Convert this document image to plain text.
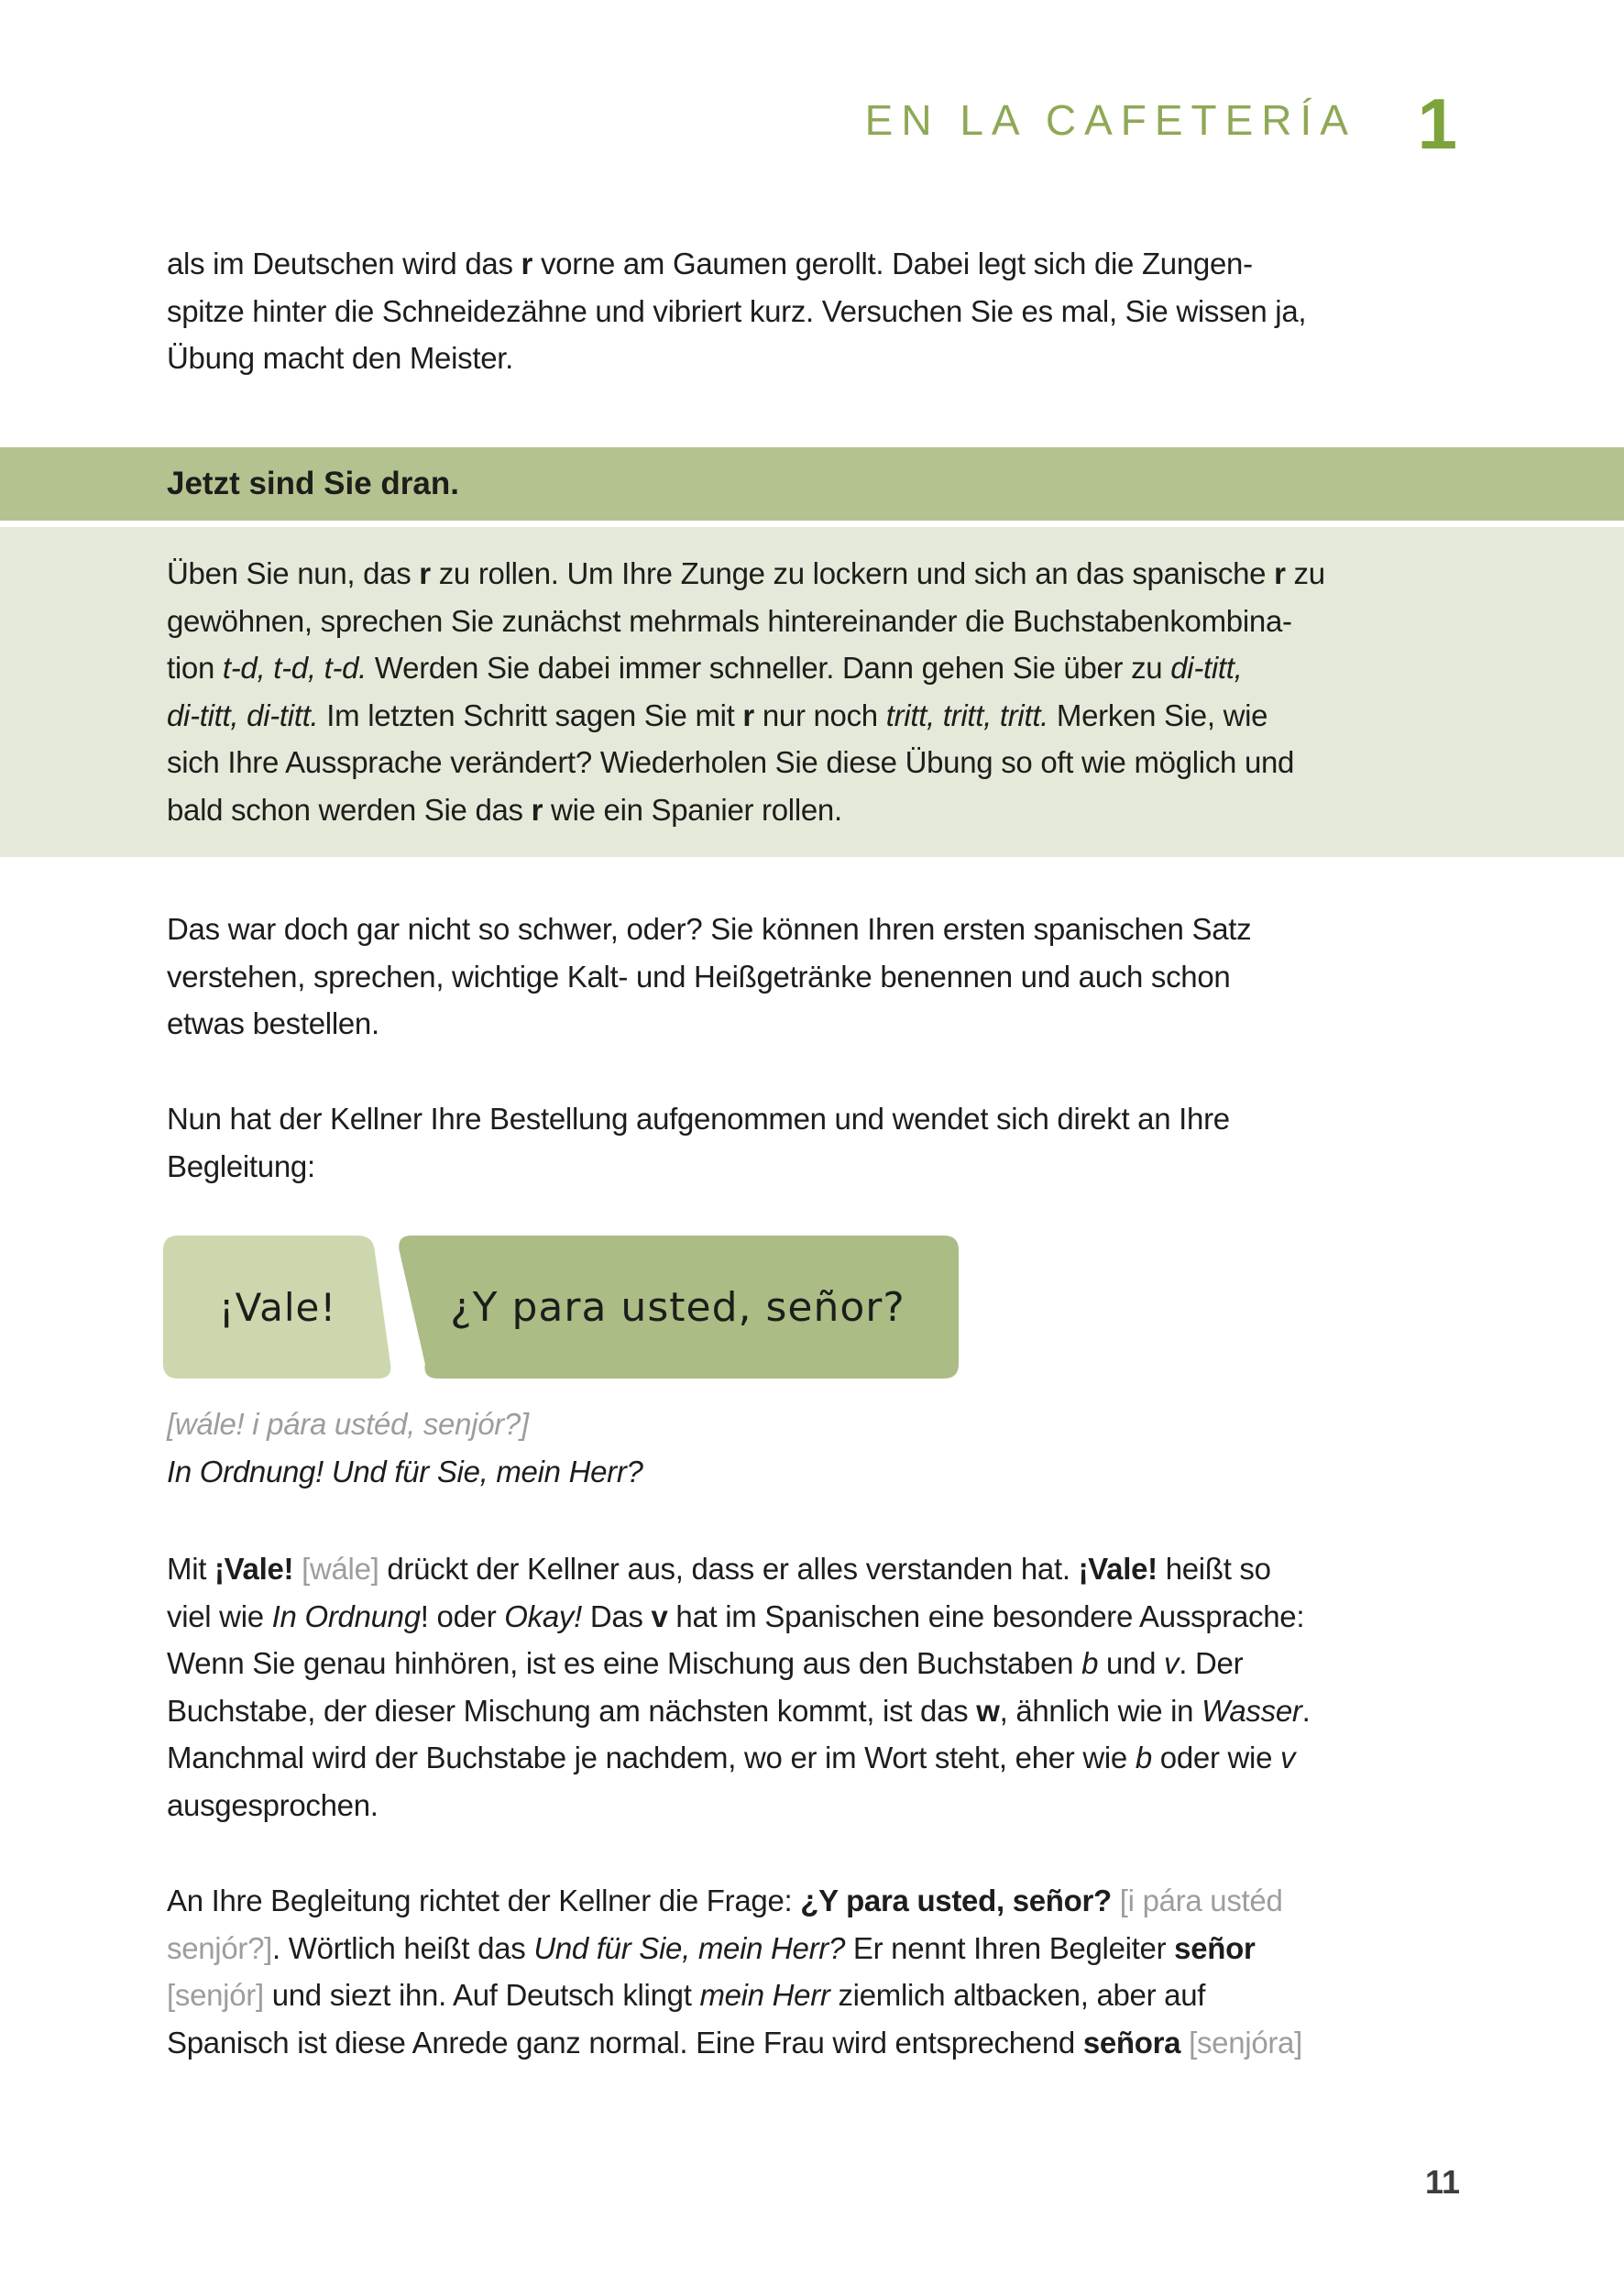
EN LA CAFETERÍA 1
als im Deutschen wird das r vorne am Gaumen gerollt. Dabei legt sich die Zungen-
spitze hinter die Schneidezähne und vibriert kurz. Versuchen Sie es mal, Sie wissen ja,
Übung macht den Meister.
Jetzt sind Sie dran.
Üben Sie nun, das r zu rollen. Um Ihre Zunge zu lockern und sich an das spanische r zu
gewöhnen, sprechen Sie zunächst mehrmals hintereinander die Buchstabenkombina-
tion t-d, t-d, t-d. Werden Sie dabei immer schneller. Dann gehen Sie über zu di-titt,
di-titt, di-titt. Im letzten Schritt sagen Sie mit r nur noch tritt, tritt, tritt. Merken Sie, wie
sich Ihre Aussprache verändert? Wiederholen Sie diese Übung so oft wie möglich und
bald schon werden Sie das r wie ein Spanier rollen.
Das war doch gar nicht so schwer, oder? Sie können Ihren ersten spanischen Satz
verstehen, sprechen, wichtige Kalt- und Heißgetränke benennen und auch schon
etwas bestellen.
Nun hat der Kellner Ihre Bestellung aufgenommen und wendet sich direkt an Ihre
Begleitung:
¡Vale!	¿Y para usted, señor?
[wále! i pára ustéd, senjór?]
In Ordnung! Und für Sie, mein Herr?
Mit ¡Vale! [wále] drückt der Kellner aus, dass er alles verstanden hat. ¡Vale! heißt so
viel wie In Ordnung! oder Okay! Das v hat im Spanischen eine besondere Aussprache:
Wenn Sie genau hinhören, ist es eine Mischung aus den Buchstaben b und v. Der
Buchstabe, der dieser Mischung am nächsten kommt, ist das w, ähnlich wie in Wasser.
Manchmal wird der Buchstabe je nachdem, wo er im Wort steht, eher wie b oder wie v
ausgesprochen.
An Ihre Begleitung richtet der Kellner die Frage: ¿Y para usted, señor? [i pára ustéd
senjór?]. Wörtlich heißt das Und für Sie, mein Herr? Er nennt Ihren Begleiter señor
[senjór] und siezt ihn. Auf Deutsch klingt mein Herr ziemlich altbacken, aber auf
Spanisch ist diese Anrede ganz normal. Eine Frau wird entsprechend señora [senjóra]
11
